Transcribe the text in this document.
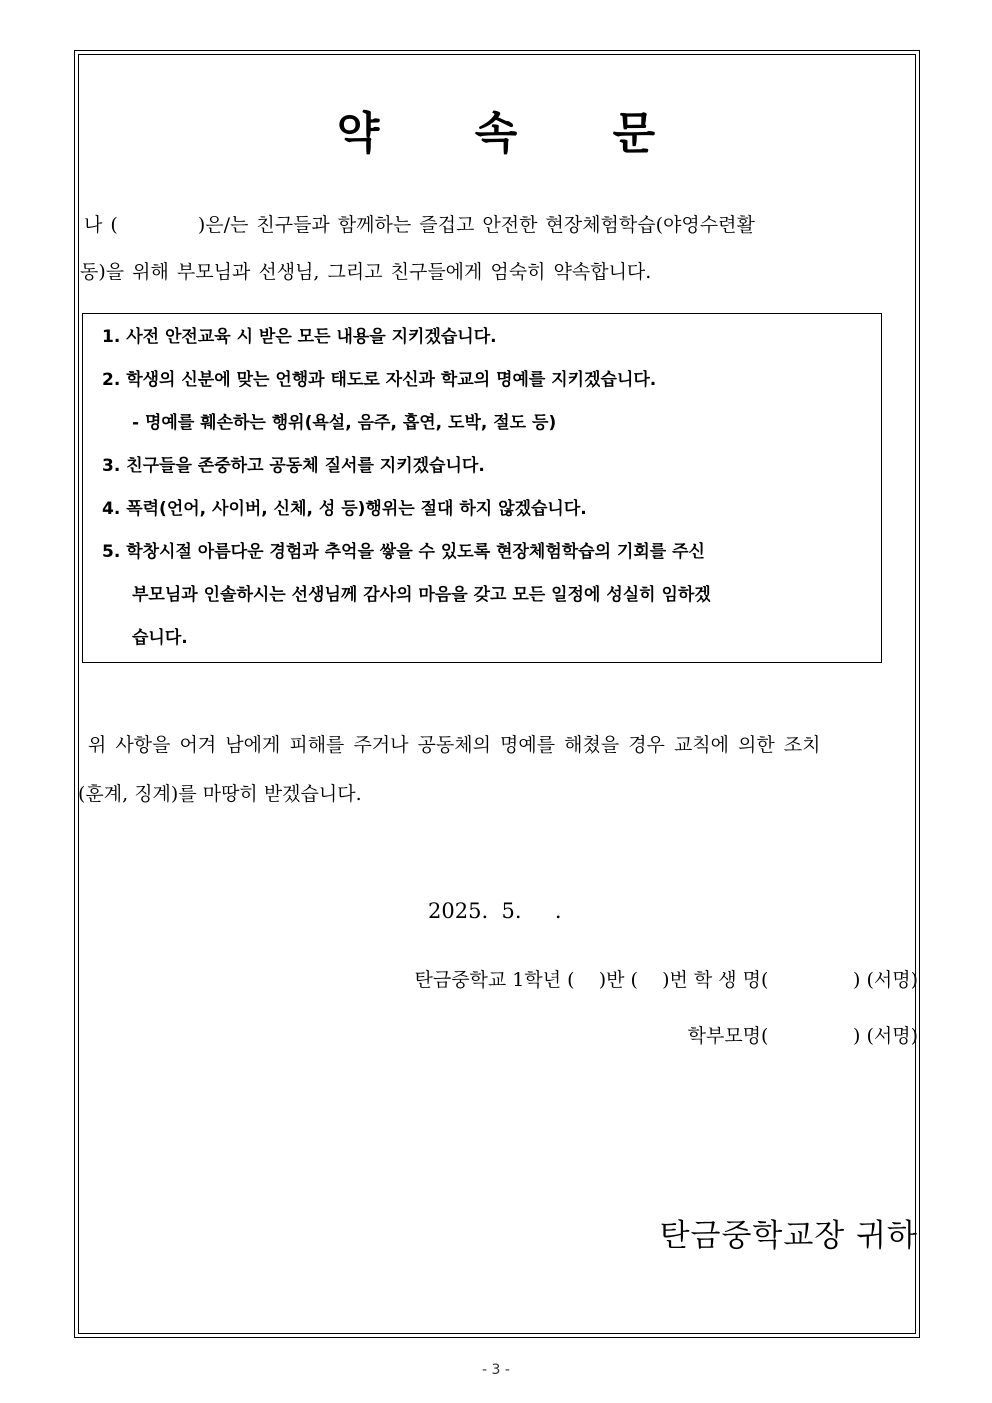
약 속 문
나 (	)은/는 친구들과 함께하는 즐겁고 안전한 현장체험학습(야영수련활
동)을 위해 부모님과 선생님, 그리고 친구들에게 엄숙히 약속합니다.
1. 사전 안전교육 시 받은 모든 내용을 지키겠습니다.
2. 학생의 신분에 맞는 언행과 태도로 자신과 학교의 명예를 지키겠습니다.
- 명예를 훼손하는 행위(욕설, 음주, 흡연, 도박, 절도 등)
3. 친구들을 존중하고 공동체 질서를 지키겠습니다.
4. 폭력(언어, 사이버, 신체, 성 등)행위는 절대 하지 않겠습니다.
5. 학창시절 아름다운 경험과 추억을 쌓을 수 있도록 현장체험학습의 기회를 주신
부모님과 인솔하시는 선생님께 감사의 마음을 갖고 모든 일정에 성실히 임하겠
습니다.
위 사항을 어겨 남에게 피해를 주거나 공동체의 명예를 해쳤을 경우 교칙에 의한 조치
(훈계, 징계)를 마땅히 받겠습니다.
2025.  5.     .
탄금중학교 1학년 (    )반 (    )번 학 생 명(              ) (서명)
학부모명(              ) (서명)
탄금중학교장 귀하
- 3 -
